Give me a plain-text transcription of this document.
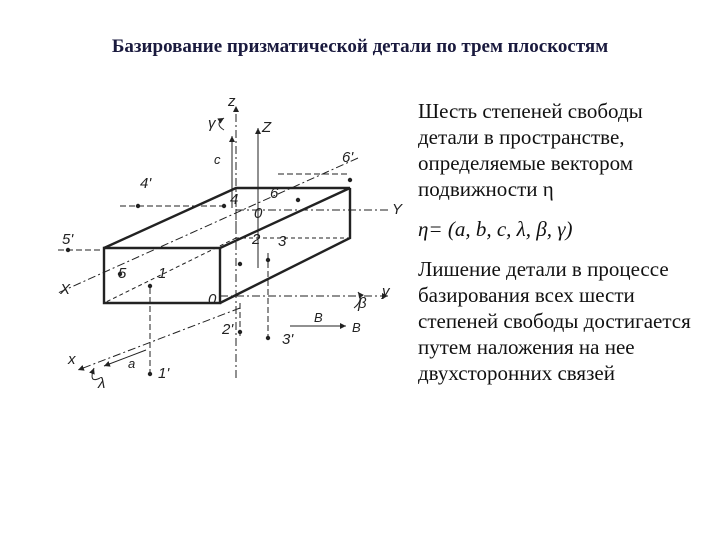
Базирование призматической детали по трем плоскостям
z
γ	Z
c	6'
4'
4 6
0	Y
5'	2 3
5 1
X
0	y
β
2'
B
B
3'
x	a
λ
1'

Шесть степеней свободы детали в пространстве, определяемые вектором подвижности η

η= (a, b, c, λ, β, γ)

Лишение детали в процессе базирования всех шести степеней свободы достигается путем наложения на нее двухсторонних связей
